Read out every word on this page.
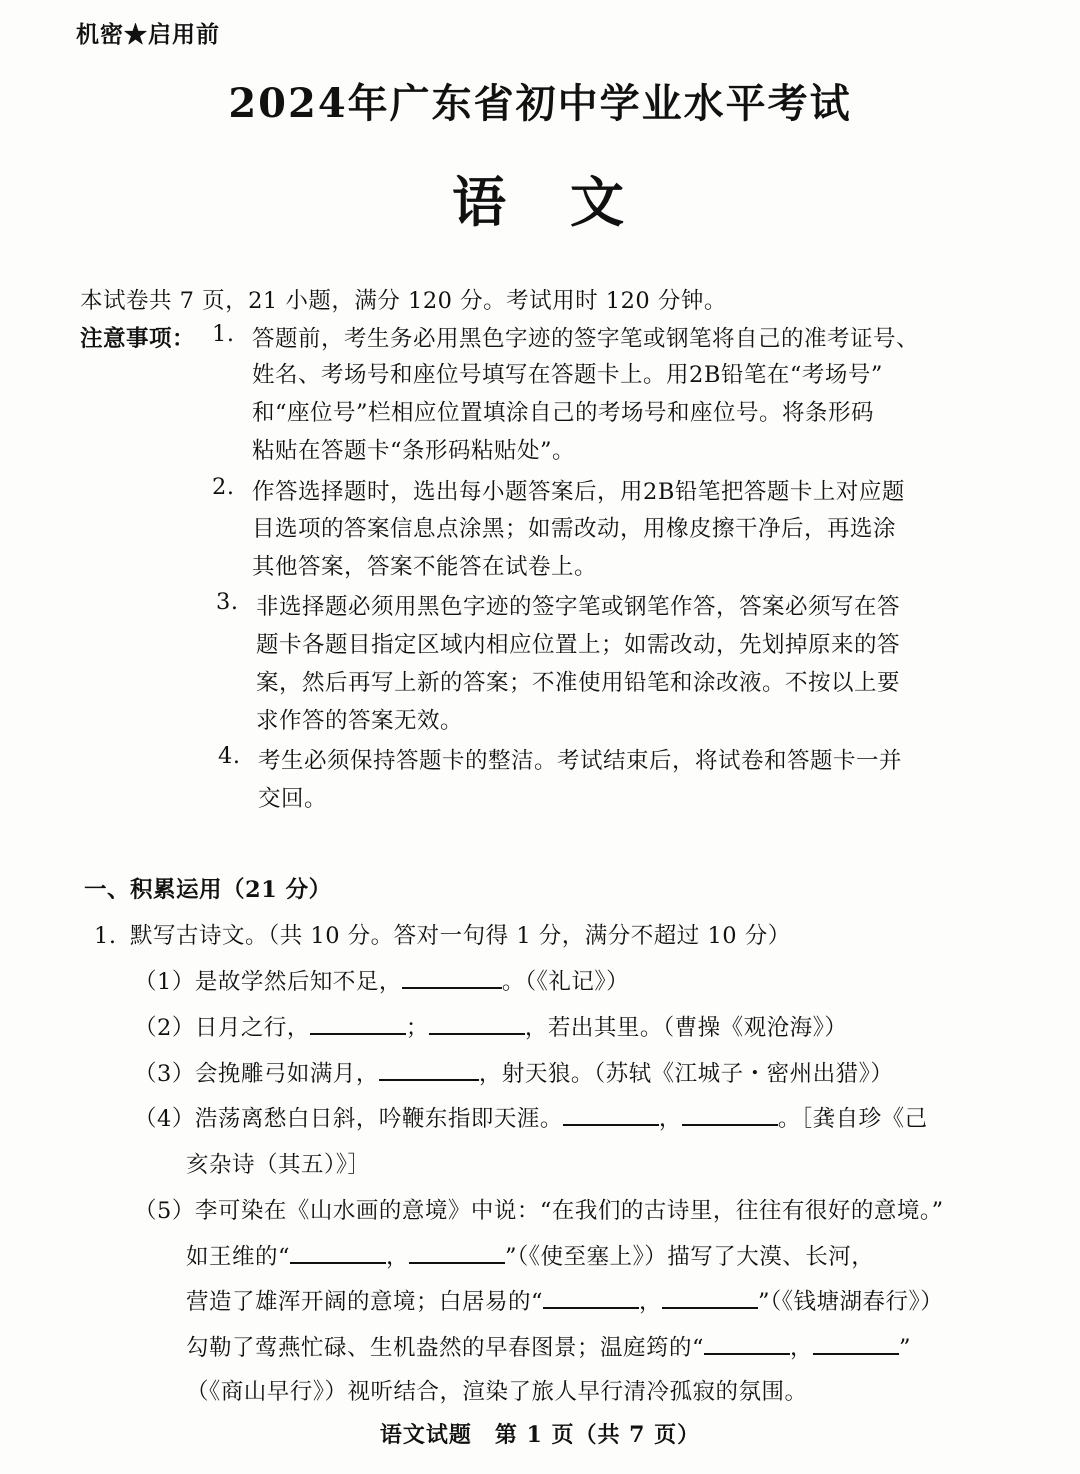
机密★启用前
2024年广东省初中学业水平考试
语 文
本试卷共 7 页，21 小题，满分 120 分。考试用时 120 分钟。
注意事项： 1. 答题前，考生务必用黑色字迹的签字笔或钢笔将自己的准考证号、
姓名、考场号和座位号填写在答题卡上。用2B铅笔在“考场号”
和“座位号”栏相应位置填涂自己的考场号和座位号。将条形码
粘贴在答题卡“条形码粘贴处”。
2. 作答选择题时，选出每小题答案后，用2B铅笔把答题卡上对应题
目选项的答案信息点涂黑；如需改动，用橡皮擦干净后，再选涂
其他答案，答案不能答在试卷上。
3. 非选择题必须用黑色字迹的签字笔或钢笔作答，答案必须写在答
题卡各题目指定区域内相应位置上；如需改动，先划掉原来的答
案，然后再写上新的答案；不准使用铅笔和涂改液。不按以上要
求作答的答案无效。
4. 考生必须保持答题卡的整洁。考试结束后，将试卷和答题卡一并
交回。
一、积累运用（21 分）
1. 默写古诗文。（共 10 分。答对一句得 1 分，满分不超过 10 分）
（1）是故学然后知不足，	。（《礼记》）
（2）日月之行，	；	，若出其里。（曹操《观沧海》）
（3）会挽雕弓如满月，	，射天狼。（苏轼《江城子・密州出猎》）
（4）浩荡离愁白日斜，吟鞭东指即天涯。	，	。［龚自珍《己
亥杂诗（其五）》］
（5）李可染在《山水画的意境》中说：“在我们的古诗里，往往有很好的意境。”
如王维的“	，	”（《使至塞上》）描写了大漠、长河，
营造了雄浑开阔的意境；白居易的“	，	”（《钱塘湖春行》）
勾勒了莺燕忙碌、生机盎然的早春图景；温庭筠的“	，	”
（《商山早行》）视听结合，渲染了旅人早行清冷孤寂的氛围。
语文试题　第 1 页（共 7 页）
